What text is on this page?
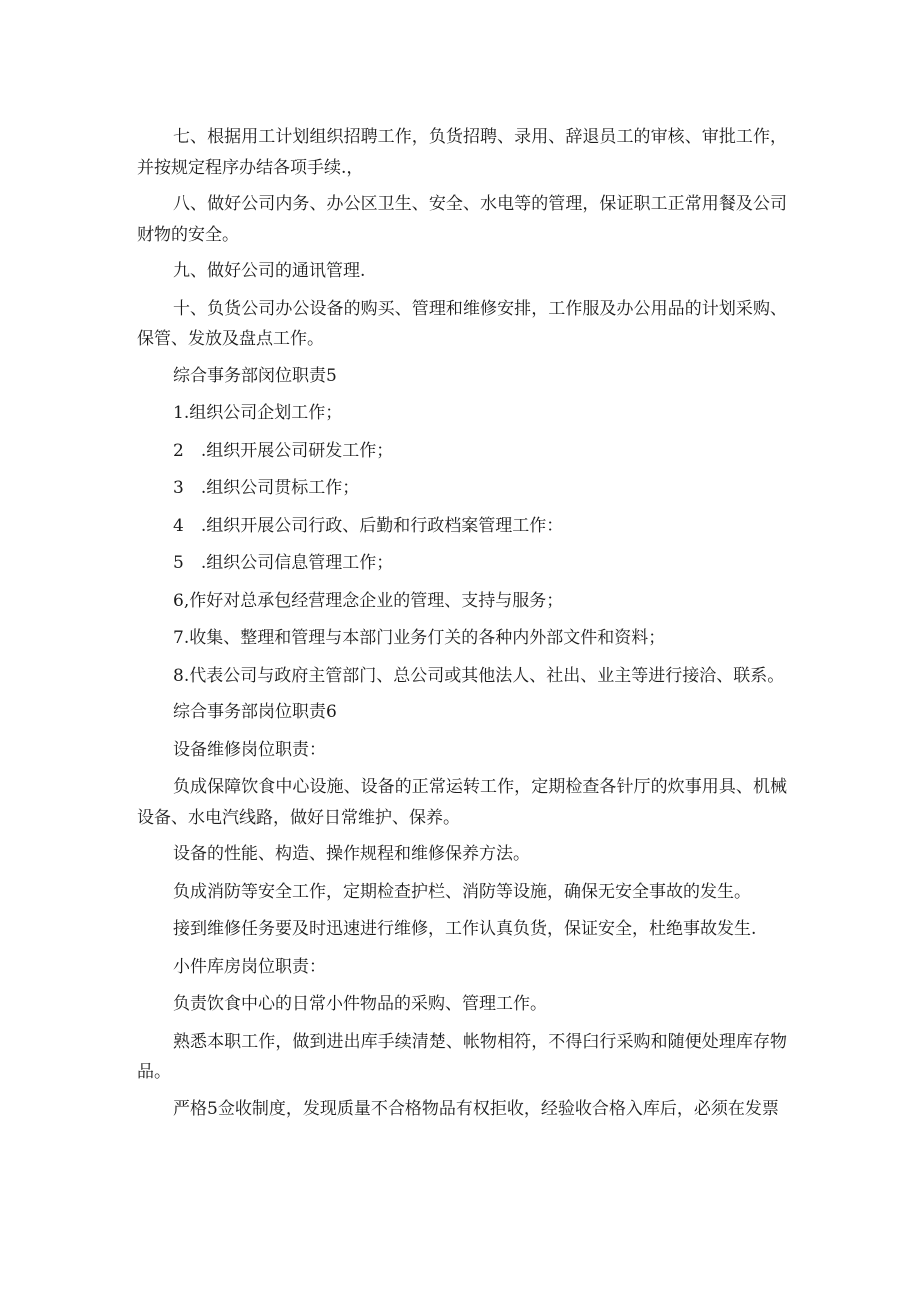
七、根据用工计划组织招聘工作，负货招聘、录用、辞退员工的审核、审批工作，并按规定程序办结各项手续.，

八、做好公司内务、办公区卫生、安全、水电等的管理，保证职工正常用餐及公司财物的安全。

九、做好公司的通讯管理.

十、负货公司办公设备的购买、管理和维修安排，工作服及办公用品的计划采购、保管、发放及盘点工作。

综合事务部闵位职责5

1.组织公司企划工作；

2　.组织开展公司研发工作；

3　.组织公司贯标工作；

4　.组织开展公司行政、后勤和行政档案管理工作：

5　.组织公司信息管理工作；

6,作好对总承包经营理念企业的管理、支持与服务；

7.收集、整理和管理与本部门业务仃关的各种内外部文件和资料；

8.代表公司与政府主管部门、总公司或其他法人、社出、业主等进行接洽、联系。

综合事务部岗位职责6

设备维修岗位职责：

负成保障饮食中心设施、设备的正常运转工作，定期检查各针厅的炊事用具、机械设备、水电汽线路，做好日常维护、保养。

设备的性能、构造、操作规程和维修保养方法。

负成消防等安全工作，定期检查护栏、消防等设施，确保无安全事故的发生。

接到维修任务要及时迅速进行维修，工作认真负货，保证安全，杜绝事故发生.

小件库房岗位职责：

负责饮食中心的日常小件物品的采购、管理工作。

熟悉本职工作，做到进出库手续清楚、帐物相符，不得臼行采购和随便处理库存物品。

严格5佥收制度，发现质量不合格物品有权拒收，经验收合格入库后，必须在发票
